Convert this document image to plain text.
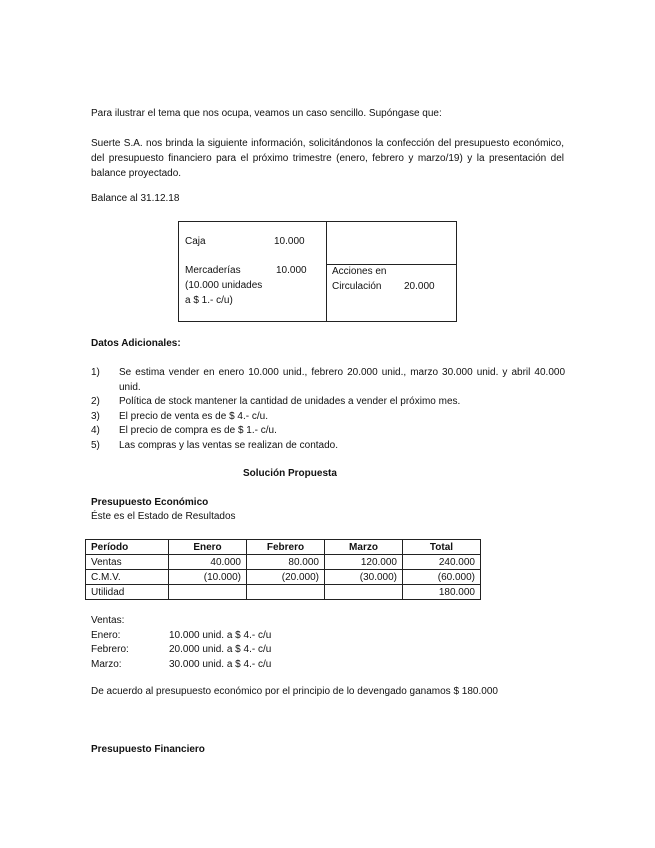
Para ilustrar el tema que nos ocupa, veamos un caso sencillo. Supóngase que:
Suerte S.A. nos brinda la siguiente información, solicitándonos la confección del presupuesto económico, del presupuesto financiero para el próximo trimestre (enero, febrero y marzo/19) y la presentación del balance proyectado.
Balance al 31.12.18
Caja	10.000
Mercaderías	10.000
(10.000 unidades
a $ 1.- c/u)
Acciones en
Circulación 20.000
Datos Adicionales:
1)	Se estima vender en enero 10.000 unid., febrero 20.000 unid., marzo 30.000 unid. y abril 40.000 unid.
2)	Política de stock mantener la cantidad de unidades a vender el próximo mes.
3)	El precio de venta es de $ 4.- c/u.
4)	El precio de compra es de $ 1.- c/u.
5)	Las compras y las ventas se realizan de contado.
Solución Propuesta
Presupuesto Económico
Éste es el Estado de Resultados
Período	Enero	Febrero	Marzo	Total
Ventas	40.000	80.000	120.000	240.000
C.M.V.	(10.000)	(20.000)	(30.000)	(60.000)
Utilidad				180.000
Ventas:
Enero:	10.000 unid. a $ 4.- c/u
Febrero:	20.000 unid. a $ 4.- c/u
Marzo:	30.000 unid. a $ 4.- c/u
De acuerdo al presupuesto económico por el principio de lo devengado ganamos $ 180.000
Presupuesto Financiero
